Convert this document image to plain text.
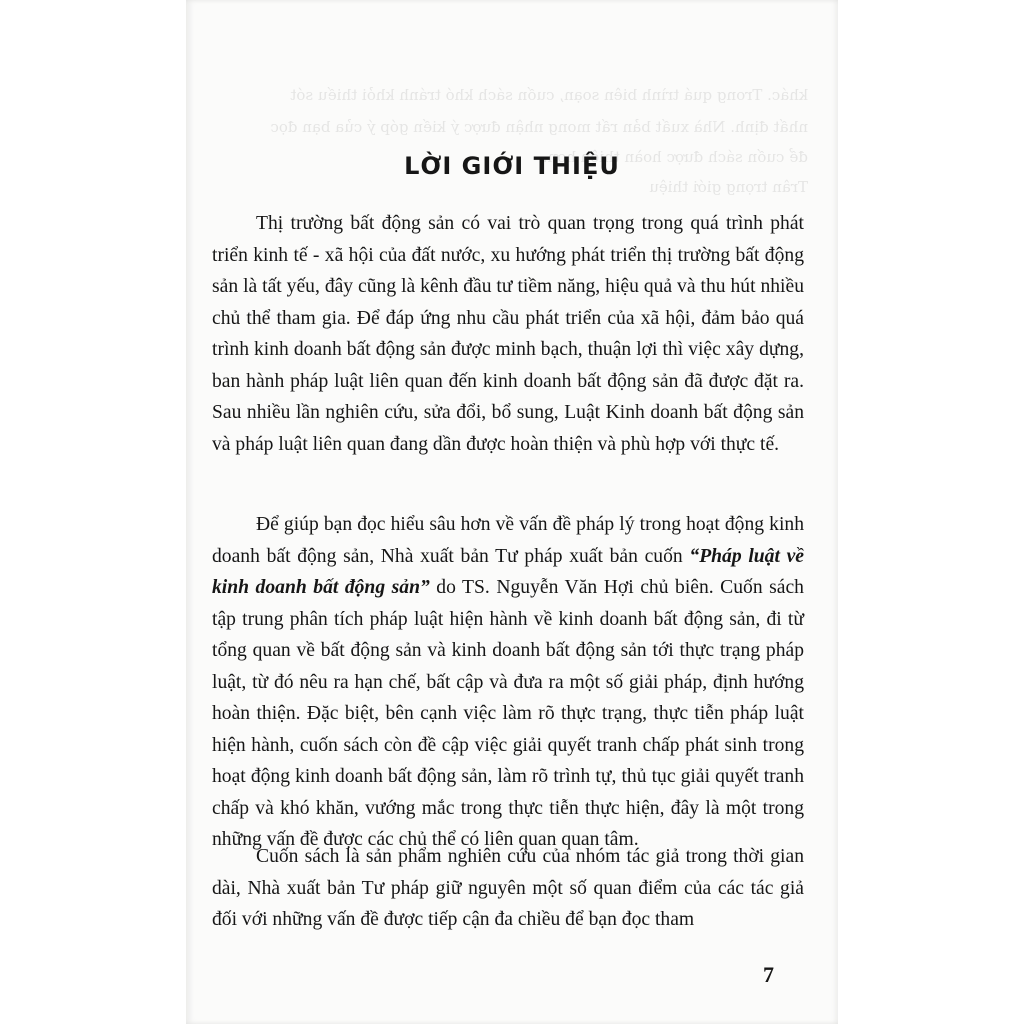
khác. Trong quá trình biên soạn, cuốn sách khó tránh khỏi thiếu sót
nhất định. Nhà xuất bản rất mong nhận được ý kiến góp ý của bạn đọc
để cuốn sách được hoàn thiện hơn.
Trân trọng giới thiệu
LỜI GIỚI THIỆU

Thị trường bất động sản có vai trò quan trọng trong quá trình phát triển kinh tế - xã hội của đất nước, xu hướng phát triển thị trường bất động sản là tất yếu, đây cũng là kênh đầu tư tiềm năng, hiệu quả và thu hút nhiều chủ thể tham gia. Để đáp ứng nhu cầu phát triển của xã hội, đảm bảo quá trình kinh doanh bất động sản được minh bạch, thuận lợi thì việc xây dựng, ban hành pháp luật liên quan đến kinh doanh bất động sản đã được đặt ra. Sau nhiều lần nghiên cứu, sửa đổi, bổ sung, Luật Kinh doanh bất động sản và pháp luật liên quan đang dần được hoàn thiện và phù hợp với thực tế.

Để giúp bạn đọc hiểu sâu hơn về vấn đề pháp lý trong hoạt động kinh doanh bất động sản, Nhà xuất bản Tư pháp xuất bản cuốn “Pháp luật về kinh doanh bất động sản” do TS. Nguyễn Văn Hợi chủ biên. Cuốn sách tập trung phân tích pháp luật hiện hành về kinh doanh bất động sản, đi từ tổng quan về bất động sản và kinh doanh bất động sản tới thực trạng pháp luật, từ đó nêu ra hạn chế, bất cập và đưa ra một số giải pháp, định hướng hoàn thiện. Đặc biệt, bên cạnh việc làm rõ thực trạng, thực tiễn pháp luật hiện hành, cuốn sách còn đề cập việc giải quyết tranh chấp phát sinh trong hoạt động kinh doanh bất động sản, làm rõ trình tự, thủ tục giải quyết tranh chấp và khó khăn, vướng mắc trong thực tiễn thực hiện, đây là một trong những vấn đề được các chủ thể có liên quan quan tâm.

Cuốn sách là sản phẩm nghiên cứu của nhóm tác giả trong thời gian dài, Nhà xuất bản Tư pháp giữ nguyên một số quan điểm của các tác giả đối với những vấn đề được tiếp cận đa chiều để bạn đọc tham

7
